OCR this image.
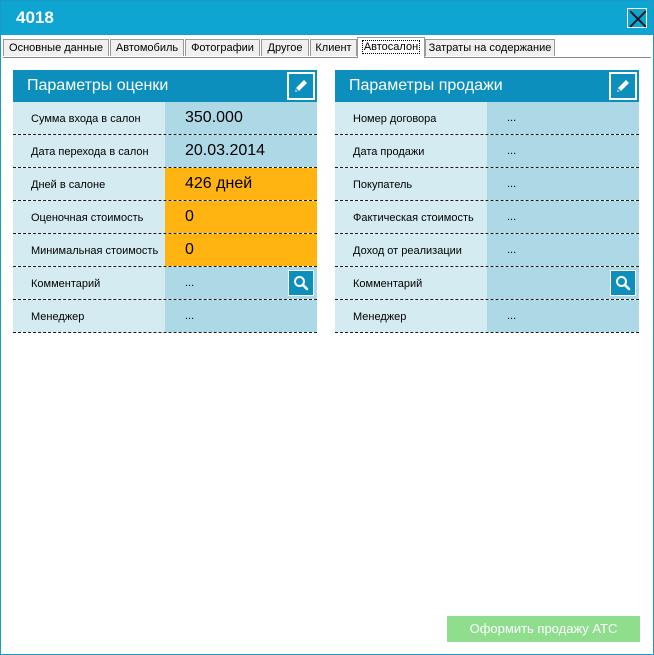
4018
Основные данные	Автомобиль	Фотографии	Другое	Клиент	Автосалон Затраты на содержание
Параметры оценки
Сумма входа в салон	350.000
Дата перехода в салон 20.03.2014
Дней в салоне	426 дней
Оценочная стоимость	0
Минимальная стоимость 0
Комментарий	...
Менеджер	...
Параметры продажи
Номер договора	...
Дата продажи	...
Покупатель	...
Фактическая стоимость	...
Доход от реализации	...
Комментарий
Менеджер	...
Оформить продажу АТС
